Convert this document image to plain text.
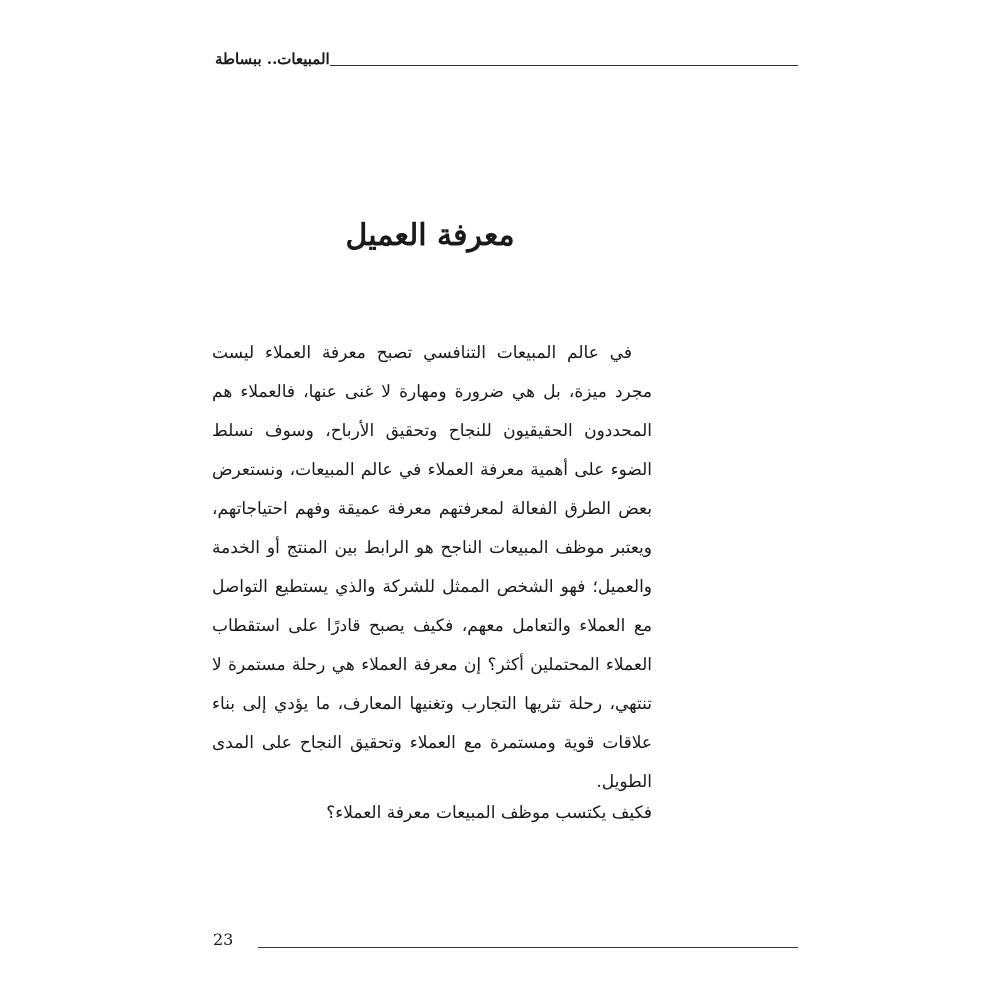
المبيعات.. ببساطة
معرفة العميل

في عالم المبيعات التنافسي تصبح معرفة العملاء ليست مجرد ميزة، بل هي ضرورة ومهارة لا غنى عنها، فالعملاء هم المحددون الحقيقيون للنجاح وتحقيق الأرباح، وسوف نسلط الضوء على أهمية معرفة العملاء في عالم المبيعات، ونستعرض بعض الطرق الفعالة لمعرفتهم معرفة عميقة وفهم احتياجاتهم، ويعتبر موظف المبيعات الناجح هو الرابط بين المنتج أو الخدمة والعميل؛ فهو الشخص الممثل للشركة والذي يستطيع التواصل مع العملاء والتعامل معهم، فكيف يصبح قادرًا على استقطاب العملاء المحتملين أكثر؟ إن معرفة العملاء هي رحلة مستمرة لا تنتهي، رحلة تثريها التجارب وتغنيها المعارف، ما يؤدي إلى بناء علاقات قوية ومستمرة مع العملاء وتحقيق النجاح على المدى الطويل.

فكيف يكتسب موظف المبيعات معرفة العملاء؟
23
